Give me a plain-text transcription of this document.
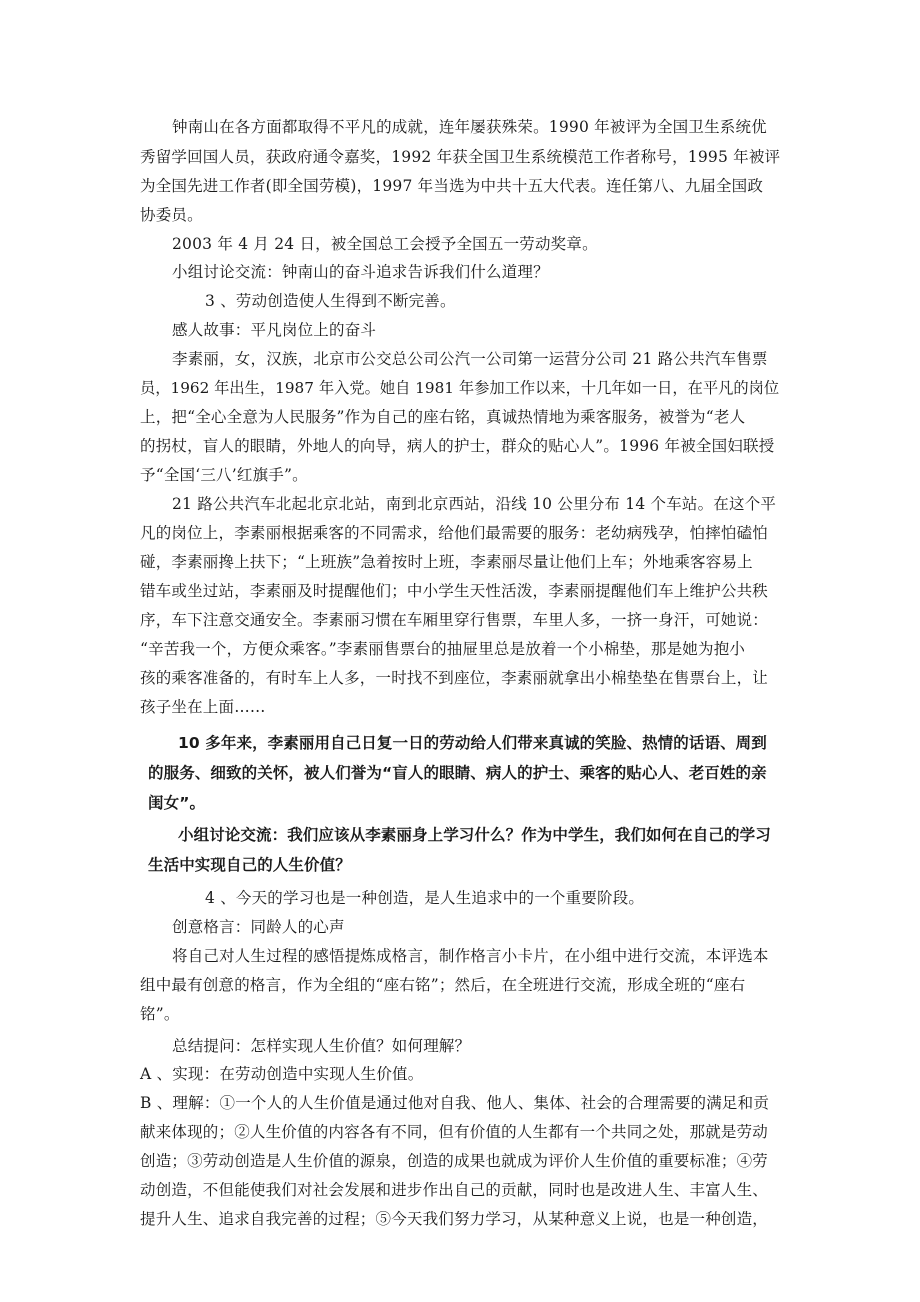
钟南山在各方面都取得不平凡的成就，连年屡获殊荣。1990 年被评为全国卫生系统优
秀留学回国人员，获政府通令嘉奖，1992 年获全国卫生系统模范工作者称号，1995 年被评
为全国先进工作者(即全国劳模)，1997 年当选为中共十五大代表。连任第八、九届全国政
协委员。
2003 年 4 月 24 日，被全国总工会授予全国五一劳动奖章。
小组讨论交流：钟南山的奋斗追求告诉我们什么道理？
3 、劳动创造使人生得到不断完善。
感人故事：平凡岗位上的奋斗
李素丽，女，汉族，北京市公交总公司公汽一公司第一运营分公司 21 路公共汽车售票
员，1962 年出生，1987 年入党。她自 1981 年参加工作以来，十几年如一日，在平凡的岗位
上，把“全心全意为人民服务”作为自己的座右铭，真诚热情地为乘客服务，被誉为“老人
的拐杖，盲人的眼睛，外地人的向导，病人的护士，群众的贴心人”。1996 年被全国妇联授
予“全国‘三八’红旗手”。
21 路公共汽车北起北京北站，南到北京西站，沿线 10 公里分布 14 个车站。在这个平
凡的岗位上，李素丽根据乘客的不同需求，给他们最需要的服务：老幼病残孕，怕摔怕磕怕
碰，李素丽搀上扶下；“上班族”急着按时上班，李素丽尽量让他们上车；外地乘客容易上
错车或坐过站，李素丽及时提醒他们；中小学生天性活泼，李素丽提醒他们车上维护公共秩
序，车下注意交通安全。李素丽习惯在车厢里穿行售票，车里人多，一挤一身汗，可她说：
“辛苦我一个，方便众乘客。”李素丽售票台的抽屉里总是放着一个小棉垫，那是她为抱小
孩的乘客准备的，有时车上人多，一时找不到座位，李素丽就拿出小棉垫垫在售票台上，让
孩子坐在上面……
10 多年来，李素丽用自己日复一日的劳动给人们带来真诚的笑脸、热情的话语、周到
的服务、细致的关怀，被人们誉为“盲人的眼睛、病人的护士、乘客的贴心人、老百姓的亲
闺女”。
小组讨论交流：我们应该从李素丽身上学习什么？作为中学生，我们如何在自己的学习
生活中实现自己的人生价值？
4 、今天的学习也是一种创造，是人生追求中的一个重要阶段。
创意格言：同龄人的心声
将自己对人生过程的感悟提炼成格言，制作格言小卡片，在小组中进行交流，本评选本
组中最有创意的格言，作为全组的“座右铭”；然后，在全班进行交流，形成全班的“座右
铭”。
总结提问：怎样实现人生价值？如何理解？
A 、实现：在劳动创造中实现人生价值。
B 、理解：①一个人的人生价值是通过他对自我、他人、集体、社会的合理需要的满足和贡
献来体现的；②人生价值的内容各有不同，但有价值的人生都有一个共同之处，那就是劳动
创造；③劳动创造是人生价值的源泉，创造的成果也就成为评价人生价值的重要标准；④劳
动创造，不但能使我们对社会发展和进步作出自己的贡献，同时也是改进人生、丰富人生、
提升人生、追求自我完善的过程；⑤今天我们努力学习，从某种意义上说，也是一种创造，
